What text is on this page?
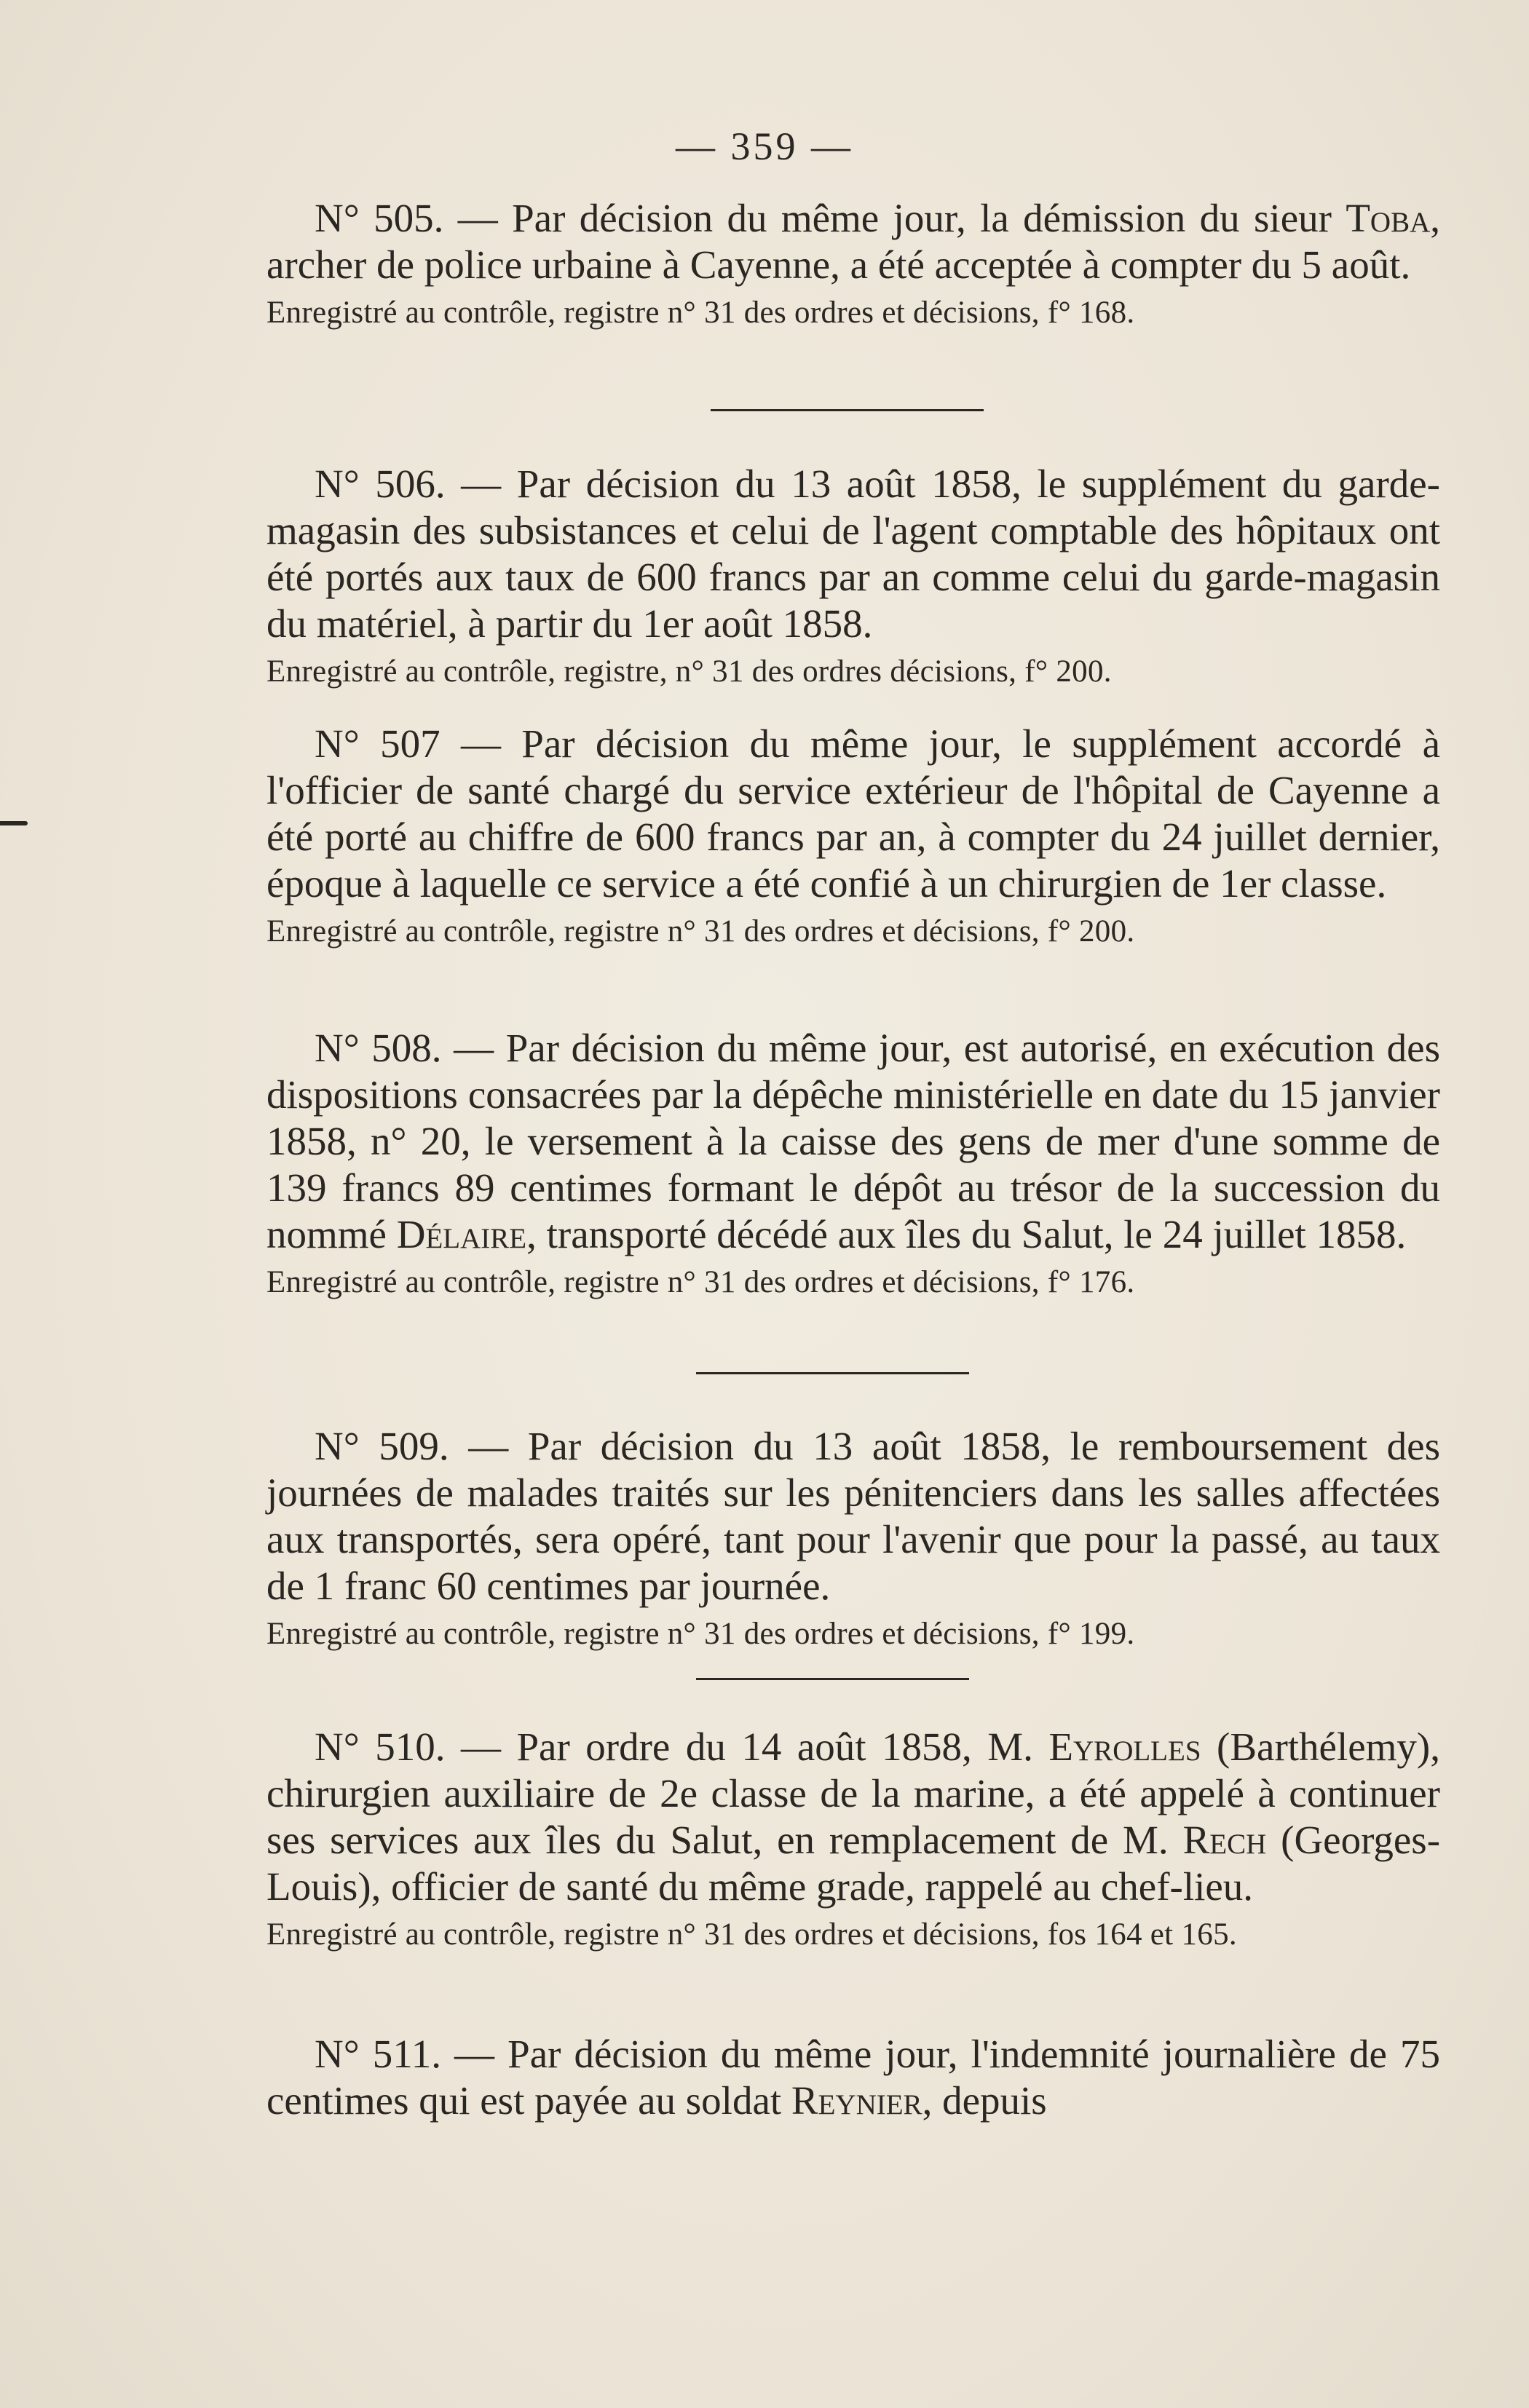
— 359 —

N° 505. — Par décision du même jour, la démission du sieur Toba, archer de police urbaine à Cayenne, a été acceptée à compter du 5 août.

Enregistré au contrôle, registre n° 31 des ordres et décisions, f° 168.

N° 506. — Par décision du 13 août 1858, le supplément du garde-magasin des subsistances et celui de l'agent comptable des hôpitaux ont été portés aux taux de 600 francs par an comme celui du garde-magasin du matériel, à partir du 1er août 1858.

Enregistré au contrôle, registre, n° 31 des ordres décisions, f° 200.

N° 507 — Par décision du même jour, le supplément accordé à l'officier de santé chargé du service extérieur de l'hôpital de Cayenne a été porté au chiffre de 600 francs par an, à compter du 24 juillet dernier, époque à laquelle ce service a été confié à un chirurgien de 1er classe.

Enregistré au contrôle, registre n° 31 des ordres et décisions, f° 200.

N° 508. — Par décision du même jour, est autorisé, en exécution des dispositions consacrées par la dépêche ministérielle en date du 15 janvier 1858, n° 20, le versement à la caisse des gens de mer d'une somme de 139 francs 89 centimes formant le dépôt au trésor de la succession du nommé Délaire, transporté décédé aux îles du Salut, le 24 juillet 1858.

Enregistré au contrôle, registre n° 31 des ordres et décisions, f° 176.

N° 509. — Par décision du 13 août 1858, le remboursement des journées de malades traités sur les pénitenciers dans les salles affectées aux transportés, sera opéré, tant pour l'avenir que pour la passé, au taux de 1 franc 60 centimes par journée.

Enregistré au contrôle, registre n° 31 des ordres et décisions, f° 199.

N° 510. — Par ordre du 14 août 1858, M. Eyrolles (Barthélemy), chirurgien auxiliaire de 2e classe de la marine, a été appelé à continuer ses services aux îles du Salut, en remplacement de M. Rech (Georges-Louis), officier de santé du même grade, rappelé au chef-lieu.

Enregistré au contrôle, registre n° 31 des ordres et décisions, fos 164 et 165.

N° 511. — Par décision du même jour, l'indemnité journalière de 75 centimes qui est payée au soldat Reynier, depuis
